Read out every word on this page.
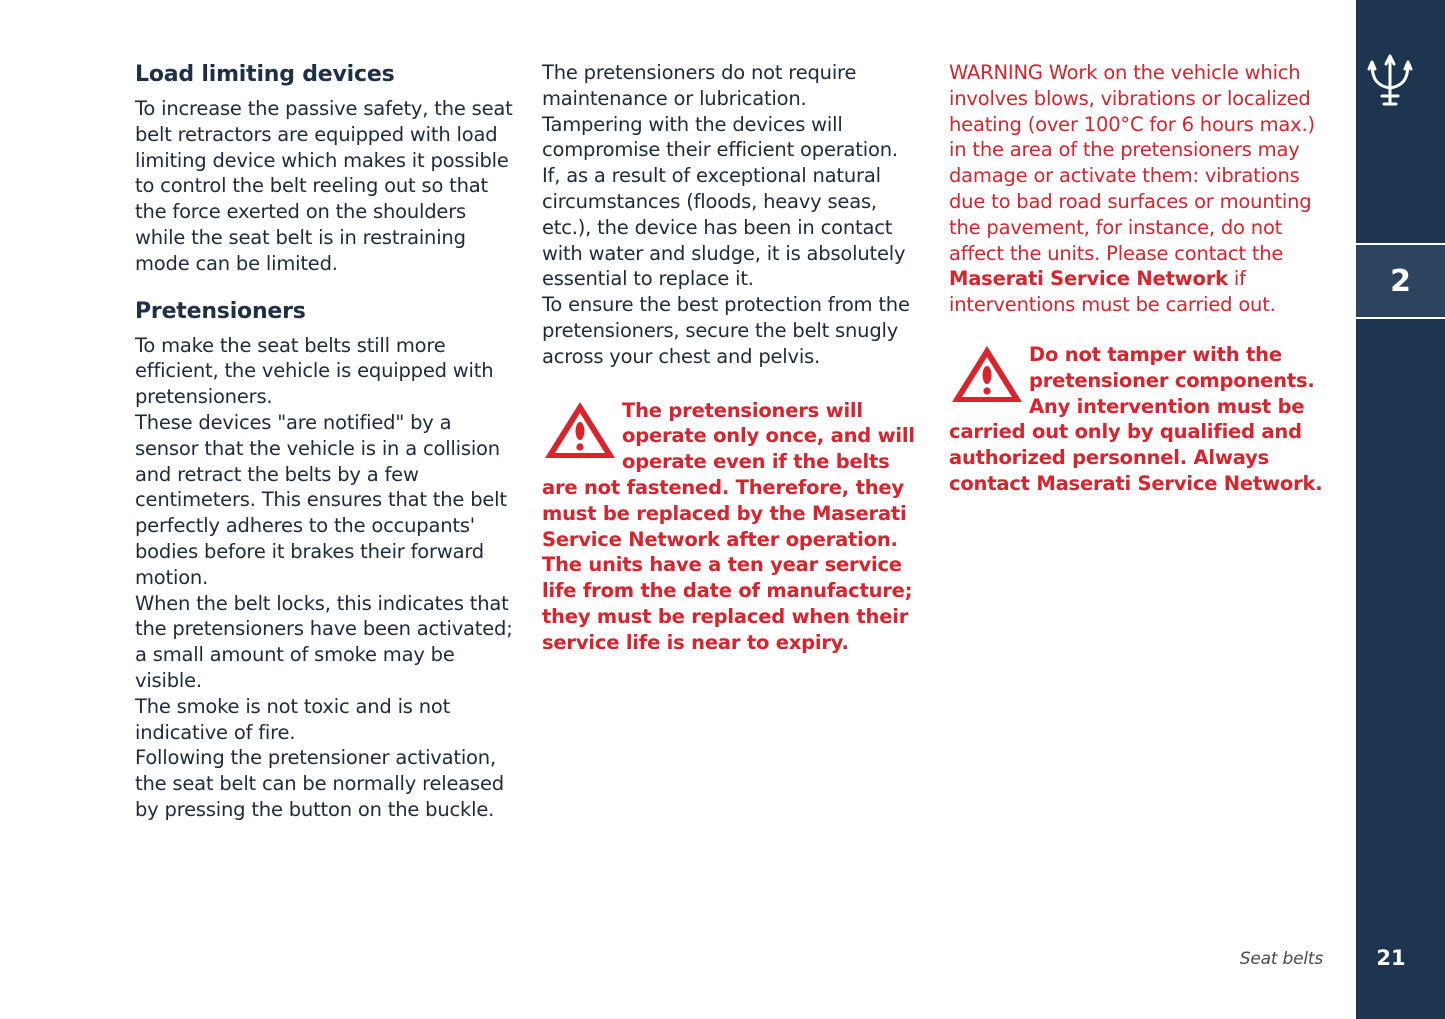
Load limiting devices

To increase the passive safety, the seat belt retractors are equipped with load limiting device which makes it possible to control the belt reeling out so that the force exerted on the shoulders while the seat belt is in restraining mode can be limited.

Pretensioners

To make the seat belts still more efficient, the vehicle is equipped with pretensioners.

These devices "are notified" by a sensor that the vehicle is in a collision and retract the belts by a few centimeters. This ensures that the belt perfectly adheres to the occupants' bodies before it brakes their forward motion.

When the belt locks, this indicates that the pretensioners have been activated; a small amount of smoke may be visible.

The smoke is not toxic and is not indicative of fire.

Following the pretensioner activation, the seat belt can be normally released by pressing the button on the buckle.

The pretensioners do not require maintenance or lubrication.

Tampering with the devices will compromise their efficient operation.

If, as a result of exceptional natural circumstances (floods, heavy seas, etc.), the device has been in contact with water and sludge, it is absolutely essential to replace it.

To ensure the best protection from the pretensioners, secure the belt snugly across your chest and pelvis.

The pretensioners will operate only once, and will operate even if the belts are not fastened. Therefore, they must be replaced by the Maserati Service Network after operation. The units have a ten year service life from the date of manufacture; they must be replaced when their service life is near to expiry.

WARNING Work on the vehicle which involves blows, vibrations or localized heating (over 100°C for 6 hours max.) in the area of the pretensioners may damage or activate them: vibrations due to bad road surfaces or mounting the pavement, for instance, do not affect the units. Please contact the Maserati Service Network if interventions must be carried out.

Do not tamper with the pretensioner components. Any intervention must be carried out only by qualified and authorized personnel. Always contact Maserati Service Network.

2
21
Seat belts
